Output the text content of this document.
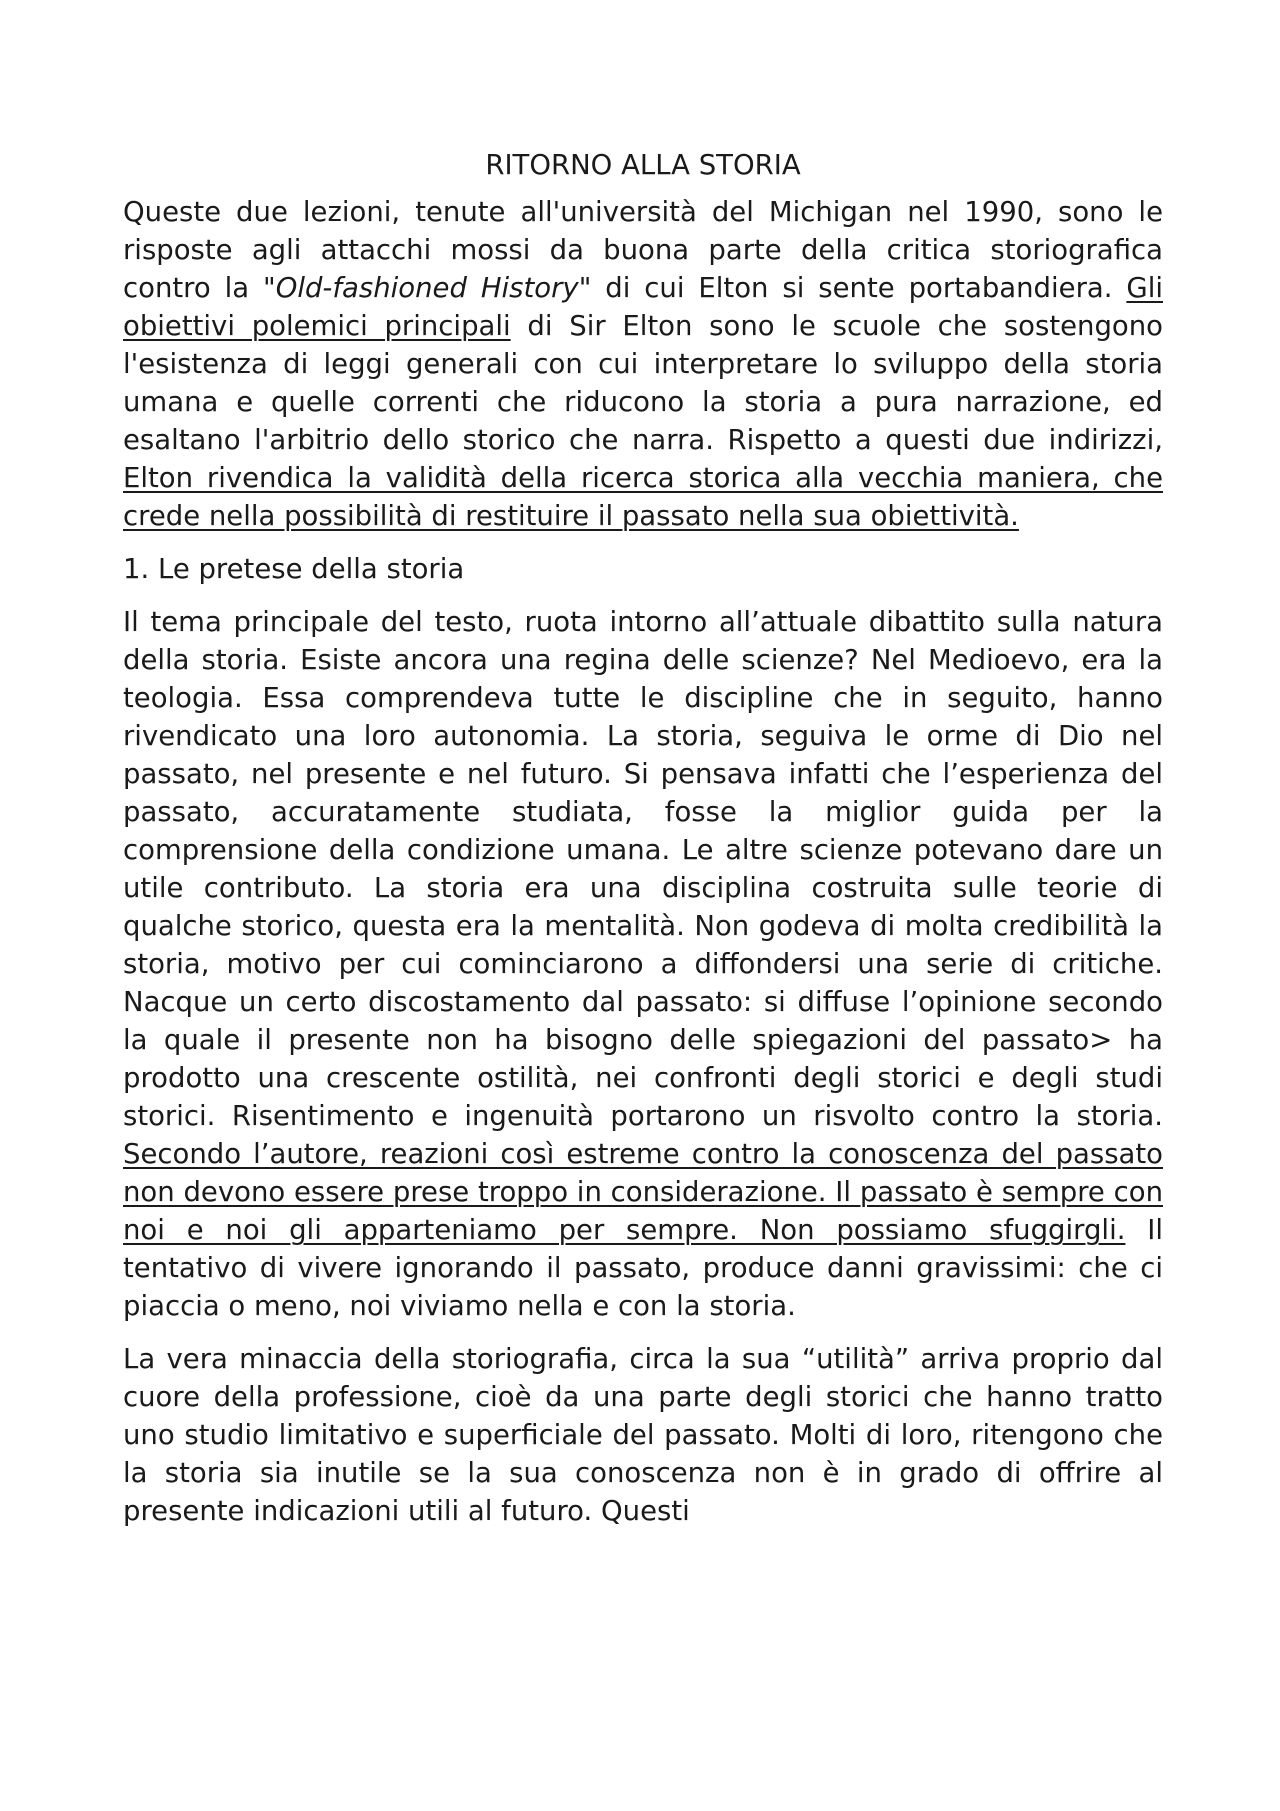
RITORNO ALLA STORIA

Queste due lezioni, tenute all'università del Michigan nel 1990, sono le risposte agli attacchi mossi da buona parte della critica storiografica contro la "Old-fashioned History" di cui Elton si sente portabandiera. Gli obiettivi polemici principali di Sir Elton sono le scuole che sostengono l'esistenza di leggi generali con cui interpretare lo sviluppo della storia umana e quelle correnti che riducono la storia a pura narrazione, ed esaltano l'arbitrio dello storico che narra. Rispetto a questi due indirizzi, Elton rivendica la validità della ricerca storica alla vecchia maniera, che crede nella possibilità di restituire il passato nella sua obiettività.

1. Le pretese della storia

Il tema principale del testo, ruota intorno all’attuale dibattito sulla natura della storia. Esiste ancora una regina delle scienze? Nel Medioevo, era la teologia. Essa comprendeva tutte le discipline che in seguito, hanno rivendicato una loro autonomia. La storia, seguiva le orme di Dio nel passato, nel presente e nel futuro. Si pensava infatti che l’esperienza del passato, accuratamente studiata, fosse la miglior guida per la comprensione della condizione umana. Le altre scienze potevano dare un utile contributo. La storia era una disciplina costruita sulle teorie di qualche storico, questa era la mentalità. Non godeva di molta credibilità la storia, motivo per cui cominciarono a diffondersi una serie di critiche. Nacque un certo discostamento dal passato: si diffuse l’opinione secondo la quale il presente non ha bisogno delle spiegazioni del passato> ha prodotto una crescente ostilità, nei confronti degli storici e degli studi storici. Risentimento e ingenuità portarono un risvolto contro la storia. Secondo l’autore, reazioni così estreme contro la conoscenza del passato non devono essere prese troppo in considerazione. Il passato è sempre con noi e noi gli apparteniamo per sempre. Non possiamo sfuggirgli. Il tentativo di vivere ignorando il passato, produce danni gravissimi: che ci piaccia o meno, noi viviamo nella e con la storia.

La vera minaccia della storiografia, circa la sua “utilità” arriva proprio dal cuore della professione, cioè da una parte degli storici che hanno tratto uno studio limitativo e superficiale del passato. Molti di loro, ritengono che la storia sia inutile se la sua conoscenza non è in grado di offrire al presente indicazioni utili al futuro. Questi
